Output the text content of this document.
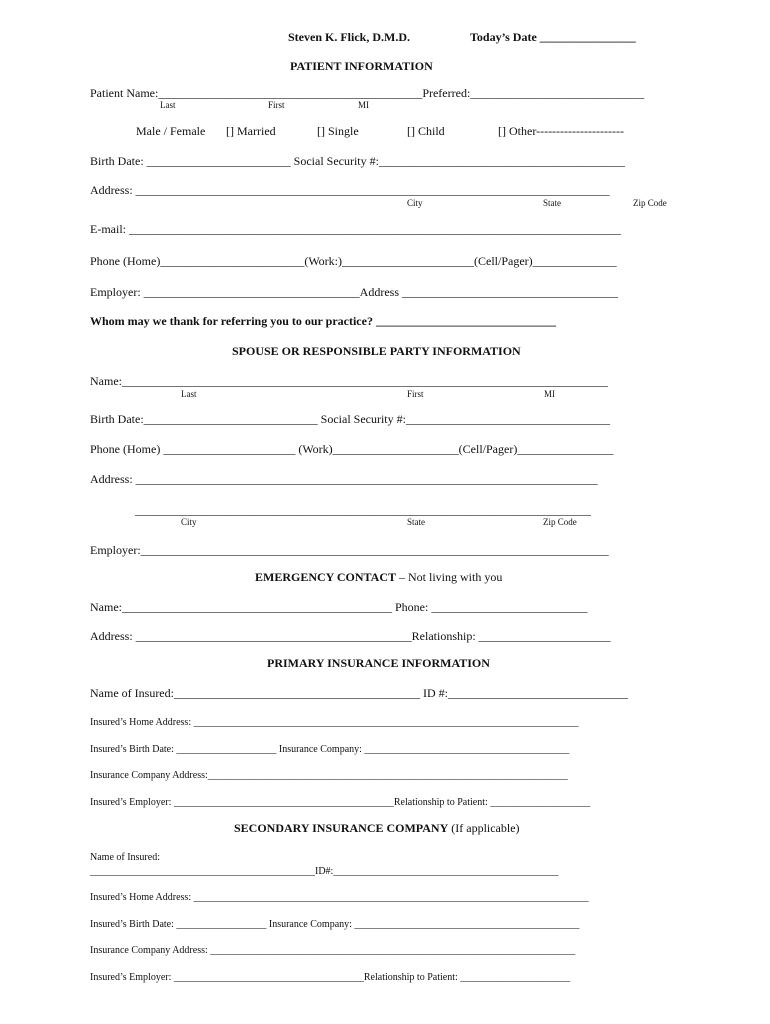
Steven K. Flick, D.M.D.	Today’s Date ________________
PATIENT INFORMATION
Patient Name:____________________________________________Preferred:_____________________________
Last	First	MI
Male / Female [] Married	[] Single	[] Child	[] Other----------------------
Birth Date: ________________________ Social Security #:_________________________________________
Address: _______________________________________________________________________________
City	State	Zip Code
E-mail: __________________________________________________________________________________
Phone (Home)________________________(Work:)______________________(Cell/Pager)______________
Employer: ____________________________________Address ____________________________________
Whom may we thank for referring you to our practice? ______________________________
SPOUSE OR RESPONSIBLE PARTY INFORMATION
Name:_________________________________________________________________________________
Last	First	MI
Birth Date:_____________________________ Social Security #:__________________________________
Phone (Home) ______________________ (Work)_____________________(Cell/Pager)________________
Address: _____________________________________________________________________________
____________________________________________________________________________
City	State	Zip Code
Employer:______________________________________________________________________________
EMERGENCY CONTACT – Not living with you
Name:_____________________________________________ Phone: __________________________
Address: ______________________________________________Relationship: ______________________
PRIMARY INSURANCE INFORMATION
Name of Insured:_________________________________________ ID #:______________________________
Insured’s Home Address: _____________________________________________________________________________
Insured’s Birth Date: ____________________ Insurance Company: _________________________________________
Insurance Company Address:________________________________________________________________________
Insured’s Employer: ____________________________________________Relationship to Patient: ____________________
SECONDARY INSURANCE COMPANY (If applicable)
Name of Insured:
_____________________________________________ID#:_____________________________________________
Insured’s Home Address: _______________________________________________________________________________
Insured’s Birth Date: __________________ Insurance Company: _____________________________________________
Insurance Company Address: _________________________________________________________________________
Insured’s Employer: ______________________________________Relationship to Patient: ______________________
